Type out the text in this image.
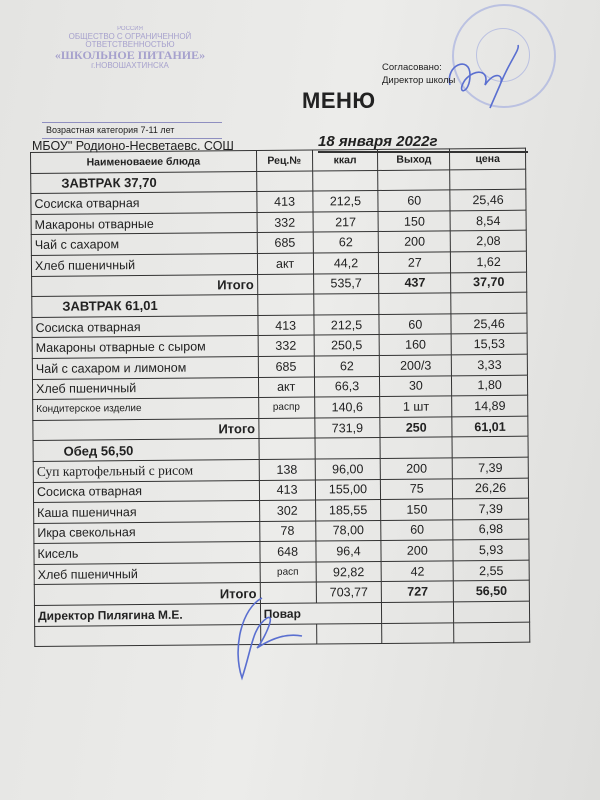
РОССИЯ
ОБЩЕСТВО С ОГРАНИЧЕННОЙ
ОТВЕТСТВЕННОСТЬЮ
«ШКОЛЬНОЕ ПИТАНИЕ»
г.НОВОШАХТИНСКА	Согласовано:
Директор школы
МЕНЮ
Возрастная категория 7-11 лет
МБОУ" Родионо-Несветаевс. СОШ	18 января 2022г
Наименоваеие блюда	Рец.№	ккал	Выход	цена
ЗАВТРАК 37,70				
Сосиска отварная	413	212,5	60	25,46
Макароны отварные	332	217	150	8,54
Чай с сахаром	685	62	200	2,08
Хлеб пшеничный	акт	44,2	27	1,62
Итого		535,7	437	37,70
ЗАВТРАК 61,01				
Сосиска отварная	413	212,5	60	25,46
Макароны отварные с сыром	332	250,5	160	15,53
Чай с сахаром и лимоном	685	62	200/3	3,33
Хлеб пшеничный	акт	66,3	30	1,80
Кондитерское изделие	распр	140,6	1 шт	14,89
Итого		731,9	250	61,01
Обед 56,50				
Суп картофельный с рисом	138	96,00	200	7,39
Сосиска отварная	413	155,00	75	26,26
Каша пшеничная	302	185,55	150	7,39
Икра свекольная	78	78,00	60	6,98
Кисель	648	96,4	200	5,93
Хлеб пшеничный	расп	92,82	42	2,55
Итого		703,77	727	56,50
Директор Пилягина М.Е.	Повар			
